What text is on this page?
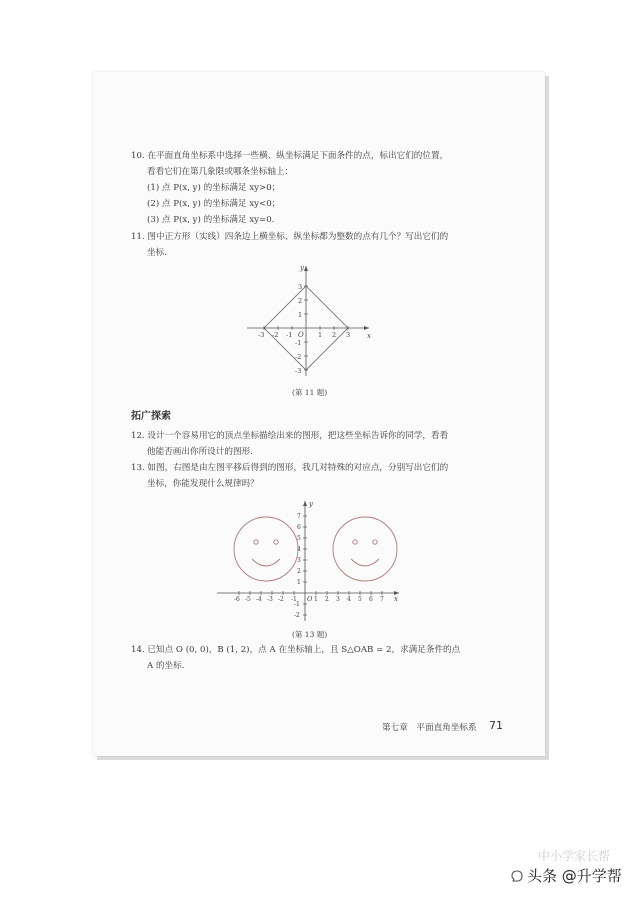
10. 在平面直角坐标系中选择一些横、纵坐标满足下面条件的点，标出它们的位置，
看看它们在第几象限或哪条坐标轴上：
(1) 点 P(x, y) 的坐标满足 xy>0；
(2) 点 P(x, y) 的坐标满足 xy<0；
(3) 点 P(x, y) 的坐标满足 xy=0.
11. 图中正方形（实线）四条边上横坐标、纵坐标都为整数的点有几个？写出它们的
坐标.
x
y
O
-3 -2 -1	1 2 3
3
2
1
-1
-2
-3
(第 11 题)
拓广探索
12. 设计一个容易用它的顶点坐标描绘出来的图形，把这些坐标告诉你的同学，看看
他能否画出你所设计的图形.
13. 如图，右图是由左图平移后得到的图形，我几对特殊的对应点，分别写出它们的
坐标，你能发现什么规律吗？
x
y
O
-6 -5 -4 -3 -2 -1	1 2 3 4 5 6 7
7
6
5
4
3
2
1
-1
-2
(第 13 题)
14. 已知点 O (0, 0)，B (1, 2)，点 A 在坐标轴上，且 S△OAB = 2，求满足条件的点
A 的坐标.
第七章　平面直角坐标系 71
中小学家长帮
头条 @升学帮
